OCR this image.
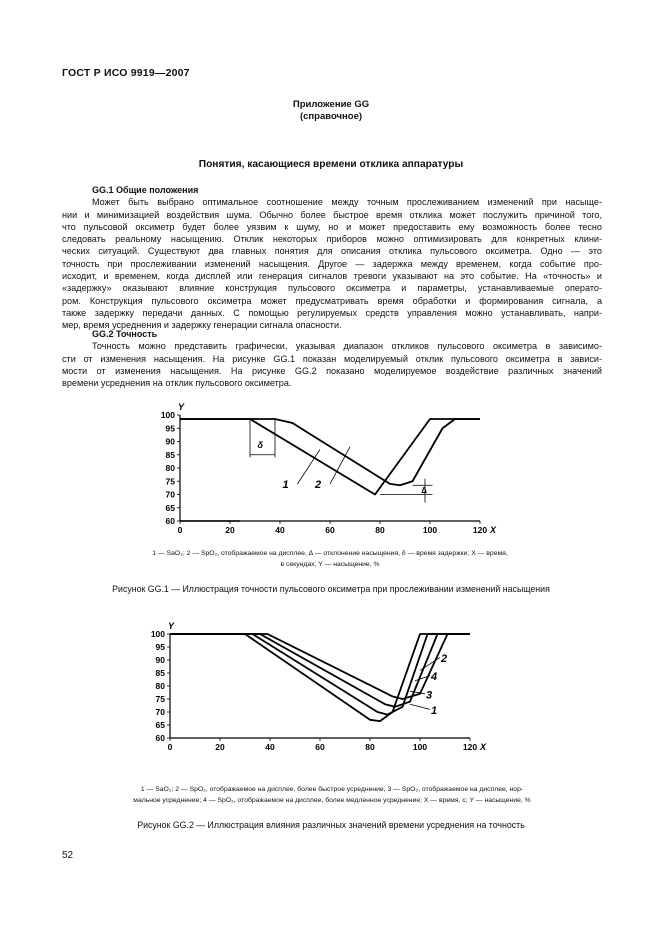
ГОСТ Р ИСО 9919—2007
Приложение GG
(справочное)
Понятия, касающиеся времени отклика аппаратуры
GG.1 Общие положения
Может быть выбрано оптимальное соотношение между точным прослеживанием изменений при насыще-
нии и минимизацией воздействия шума. Обычно более быстрое время отклика может послужить причиной того,
что пульсовой оксиметр будет более уязвим к шуму, но и может предоставить ему возможность более тесно
следовать реальному насыщению. Отклик некоторых приборов можно оптимизировать для конкретных клини-
ческих ситуаций. Существуют два главных понятия для описания отклика пульсового оксиметра. Одно — это
точность при прослеживании изменений насыщения. Другое — задержка между временем, когда событие про-
исходит, и временем, когда дисплей или генерация сигналов тревоги указывают на это событие. На «точность» и
«задержку» оказывают влияние конструкция пульсового оксиметра и параметры, устанавливаемые операто-
ром. Конструкция пульсового оксиметра может предусматривать время обработки и формирования сигнала, а
также задержку передачи данных. С помощью регулируемых средств управления можно устанавливать, напри-
мер, время усреднения и задержку генерации сигнала опасности.
GG.2 Точность
Точность можно представить графически, указывая диапазон откликов пульсового оксиметра в зависимо-
сти от изменения насыщения. На рисунке GG.1 показан моделируемый отклик пульсового оксиметра в зависи-
мости от изменения насыщения. На рисунке GG.2 показано моделируемое воздействие различных значений
времени усреднения на отклик пульсового оксиметра.
100
95
90
85
80
75
70
65
60
0	20	40	60	80	100	120 X
Y
δ
Δ
1 2
1 — SaO₂; 2 — SpO₂, отображаемое на дисплее, Δ — отклонение насыщения, δ — время задержки; X — время,
в секундах, Y — насыщение, %
Рисунок GG.1 — Иллюстрация точности пульсового оксиметра при прослеживании изменений насыщения
100
95
90
85
80
75
70
65
60
0	20	40	60	80	100	120 X
Y
1
2
3
4
1 — SaO₂; 2 — SpO₂, отображаемое на дисплее, более быстрое усреднение, 3 — SpO₂, отображаемое на дисплее, нор-
мальное усреднение; 4 — SpO₂, отображаемое на дисплее, более медленное усреднение; X — время, с; Y — насыщение, %
Рисунок GG.2 — Иллюстрация влияния различных значений времени усреднения на точность
52
